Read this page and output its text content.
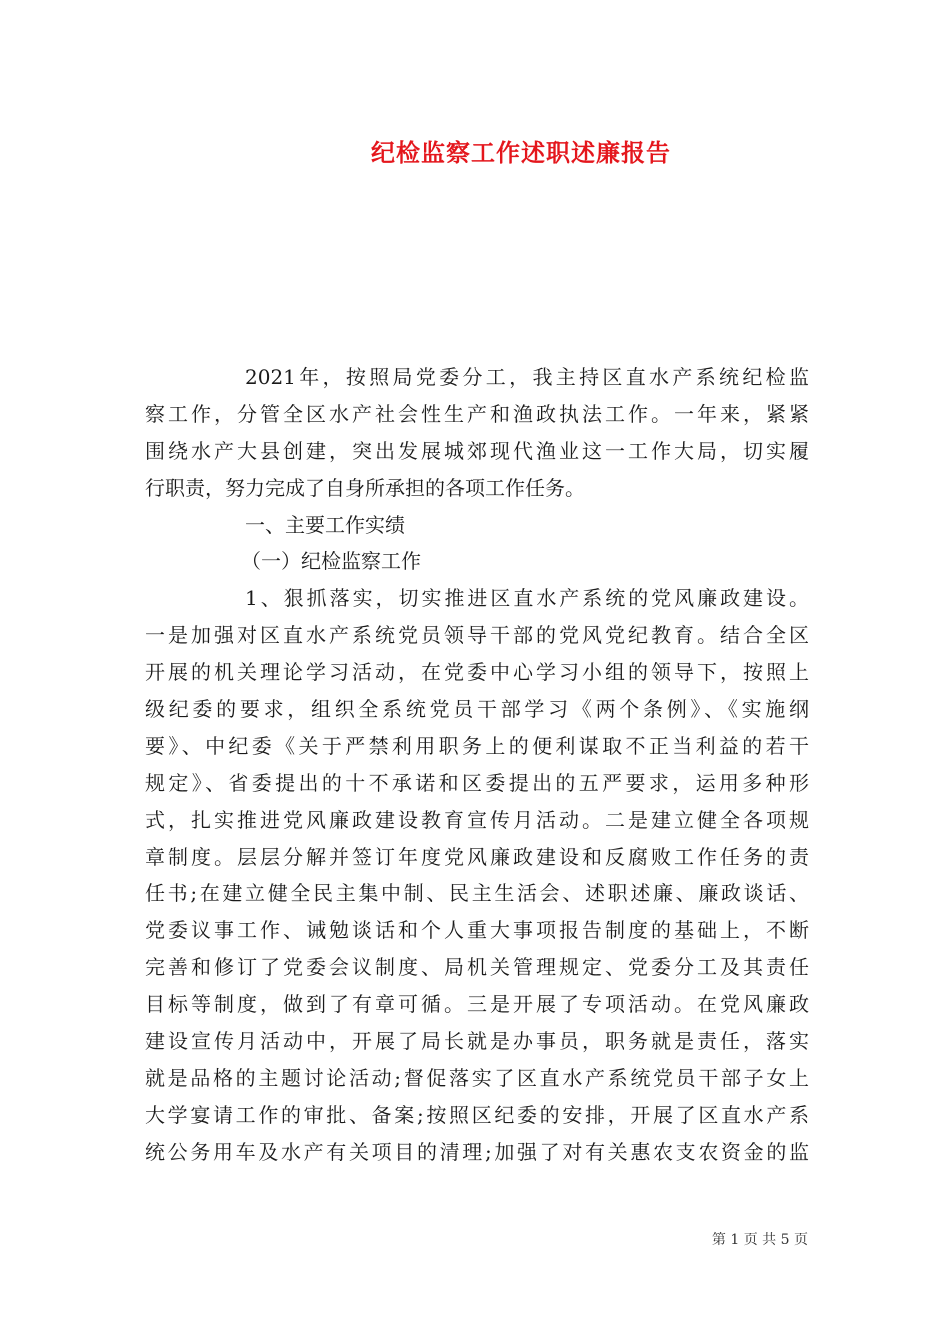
纪检监察工作述职述廉报告
2021年，按照局党委分工，我主持区直水产系统纪检监
察工作，分管全区水产社会性生产和渔政执法工作。一年来，紧紧
围绕水产大县创建，突出发展城郊现代渔业这一工作大局，切实履
行职责，努力完成了自身所承担的各项工作任务。
一、主要工作实绩
（一）纪检监察工作
1、狠抓落实，切实推进区直水产系统的党风廉政建设。
一是加强对区直水产系统党员领导干部的党风党纪教育。结合全区
开展的机关理论学习活动，在党委中心学习小组的领导下，按照上
级纪委的要求，组织全系统党员干部学习《两个条例》、《实施纲
要》、中纪委《关于严禁利用职务上的便利谋取不正当利益的若干
规定》、省委提出的十不承诺和区委提出的五严要求，运用多种形
式，扎实推进党风廉政建设教育宣传月活动。二是建立健全各项规
章制度。层层分解并签订年度党风廉政建设和反腐败工作任务的责
任书;在建立健全民主集中制、民主生活会、述职述廉、廉政谈话、
党委议事工作、诫勉谈话和个人重大事项报告制度的基础上，不断
完善和修订了党委会议制度、局机关管理规定、党委分工及其责任
目标等制度，做到了有章可循。三是开展了专项活动。在党风廉政
建设宣传月活动中，开展了局长就是办事员，职务就是责任，落实
就是品格的主题讨论活动;督促落实了区直水产系统党员干部子女上
大学宴请工作的审批、备案;按照区纪委的安排，开展了区直水产系
统公务用车及水产有关项目的清理;加强了对有关惠农支农资金的监
第 1 页 共 5 页
